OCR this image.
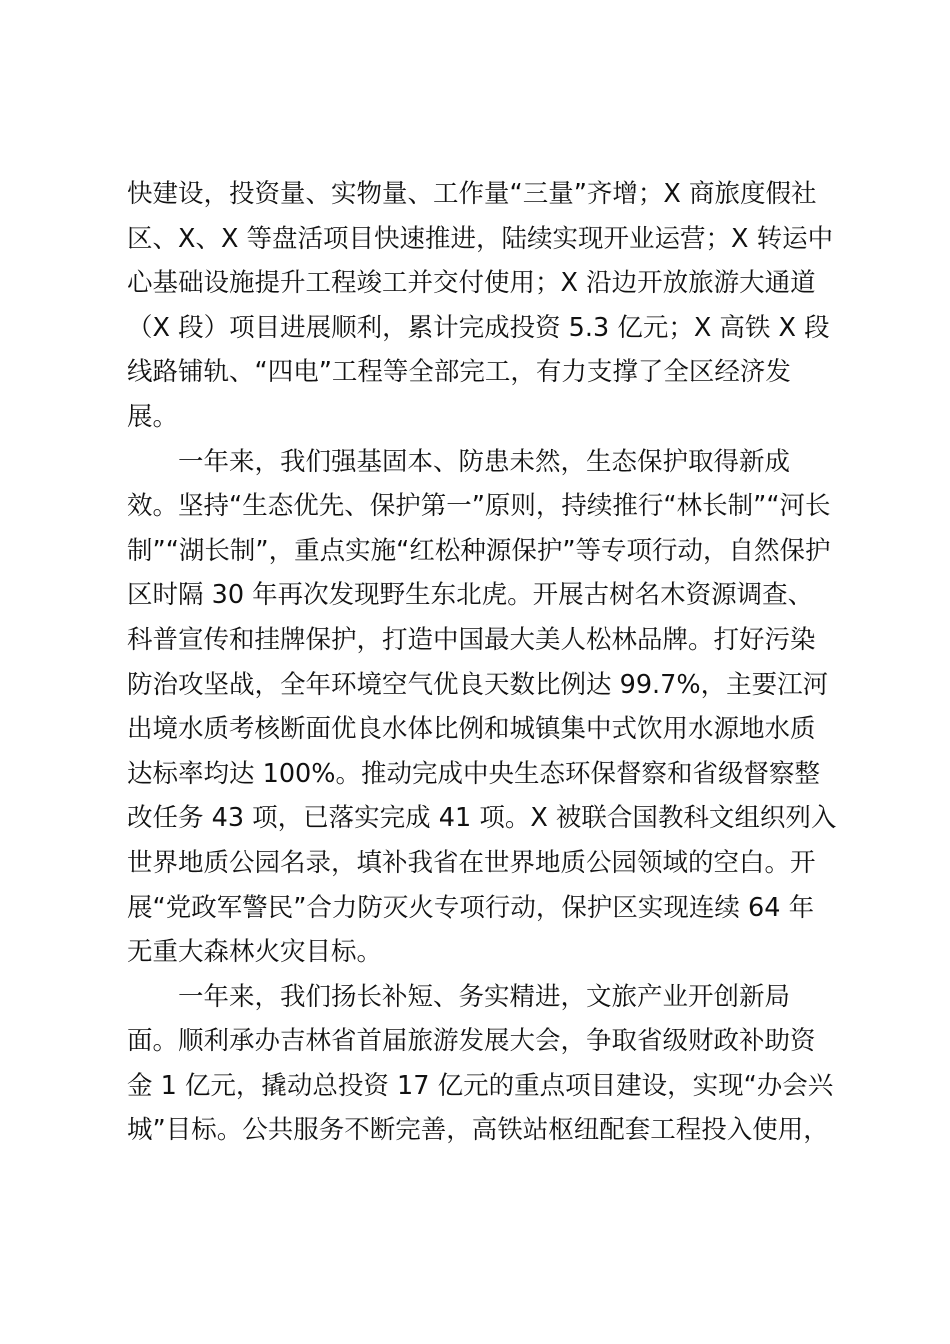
快建设，投资量、实物量、工作量“三量”齐增；X 商旅度假社
区、X、X 等盘活项目快速推进，陆续实现开业运营；X 转运中
心基础设施提升工程竣工并交付使用；X 沿边开放旅游大通道
（X 段）项目进展顺利，累计完成投资 5.3 亿元；X 高铁 X 段
线路铺轨、“四电”工程等全部完工，有力支撑了全区经济发
展。
一年来，我们强基固本、防患未然，生态保护取得新成
效。坚持“生态优先、保护第一”原则，持续推行“林长制”“河长
制”“湖长制”，重点实施“红松种源保护”等专项行动，自然保护
区时隔 30 年再次发现野生东北虎。开展古树名木资源调查、
科普宣传和挂牌保护，打造中国最大美人松林品牌。打好污染
防治攻坚战，全年环境空气优良天数比例达 99.7%，主要江河
出境水质考核断面优良水体比例和城镇集中式饮用水源地水质
达标率均达 100%。推动完成中央生态环保督察和省级督察整
改任务 43 项，已落实完成 41 项。X 被联合国教科文组织列入
世界地质公园名录，填补我省在世界地质公园领域的空白。开
展“党政军警民”合力防灭火专项行动，保护区实现连续 64 年
无重大森林火灾目标。
一年来，我们扬长补短、务实精进，文旅产业开创新局
面。顺利承办吉林省首届旅游发展大会，争取省级财政补助资
金 1 亿元，撬动总投资 17 亿元的重点项目建设，实现“办会兴
城”目标。公共服务不断完善，高铁站枢纽配套工程投入使用，
